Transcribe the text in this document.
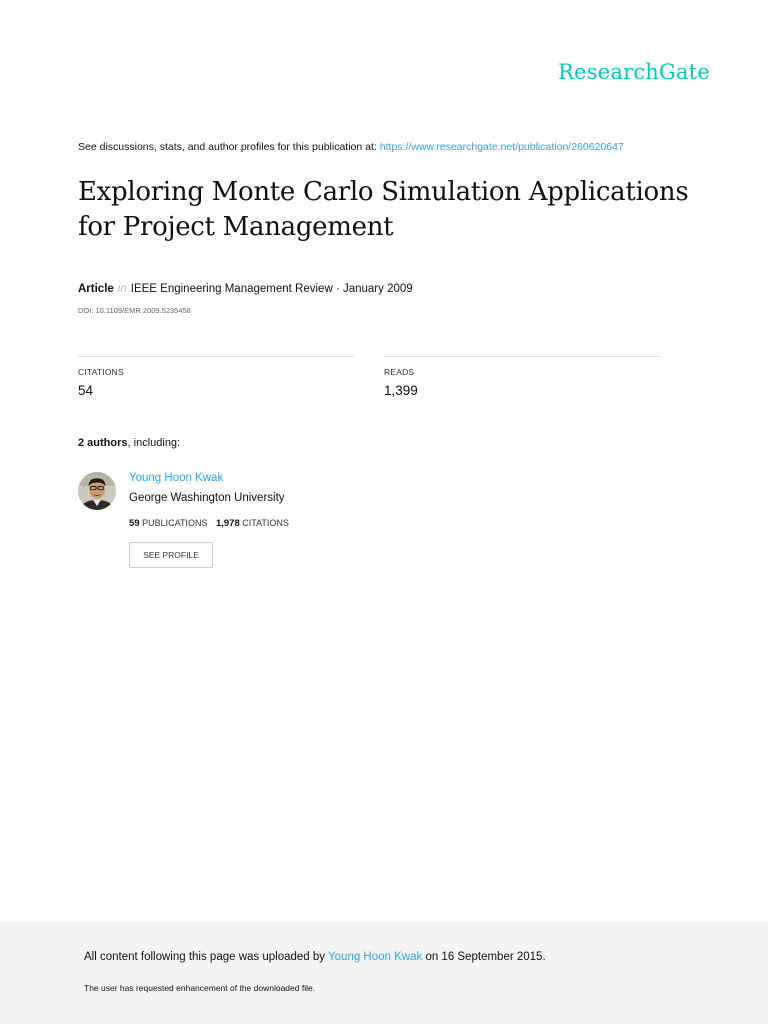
ResearchGate
See discussions, stats, and author profiles for this publication at: https://www.researchgate.net/publication/260620647
Exploring Monte Carlo Simulation Applications
for Project Management
Article in IEEE Engineering Management Review · January 2009
DOI: 10.1109/EMR.2009.5235458
CITATIONS
54
READS
1,399
2 authors, including:
Young Hoon Kwak
George Washington University
59 PUBLICATIONS 1,978 CITATIONS
SEE PROFILE
All content following this page was uploaded by Young Hoon Kwak on 16 September 2015.
The user has requested enhancement of the downloaded file.
